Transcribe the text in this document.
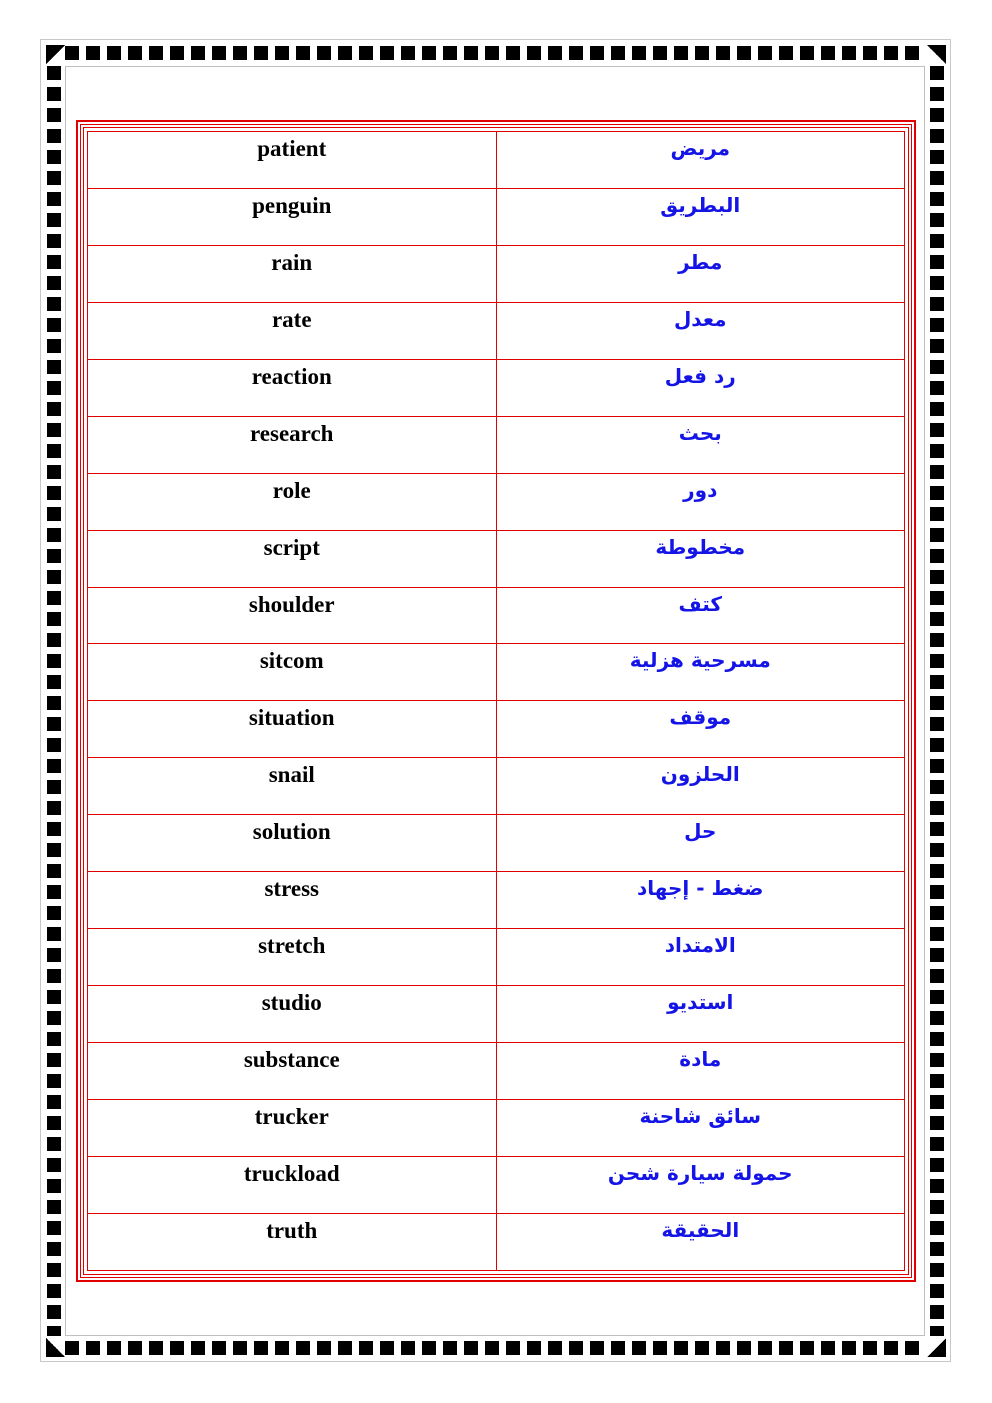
patient	مريض
penguin	البطريق
rain	مطر
rate	معدل
reaction	رد فعل
research	بحث
role	دور
script	مخطوطة
shoulder	كتف
sitcom	مسرحية هزلية
situation	موقف
snail	الحلزون
solution	حل
stress	ضغط - إجهاد
stretch	الامتداد
studio	استديو
substance	مادة
trucker	سائق شاحنة
truckload	حمولة سيارة شحن
truth	الحقيقة
